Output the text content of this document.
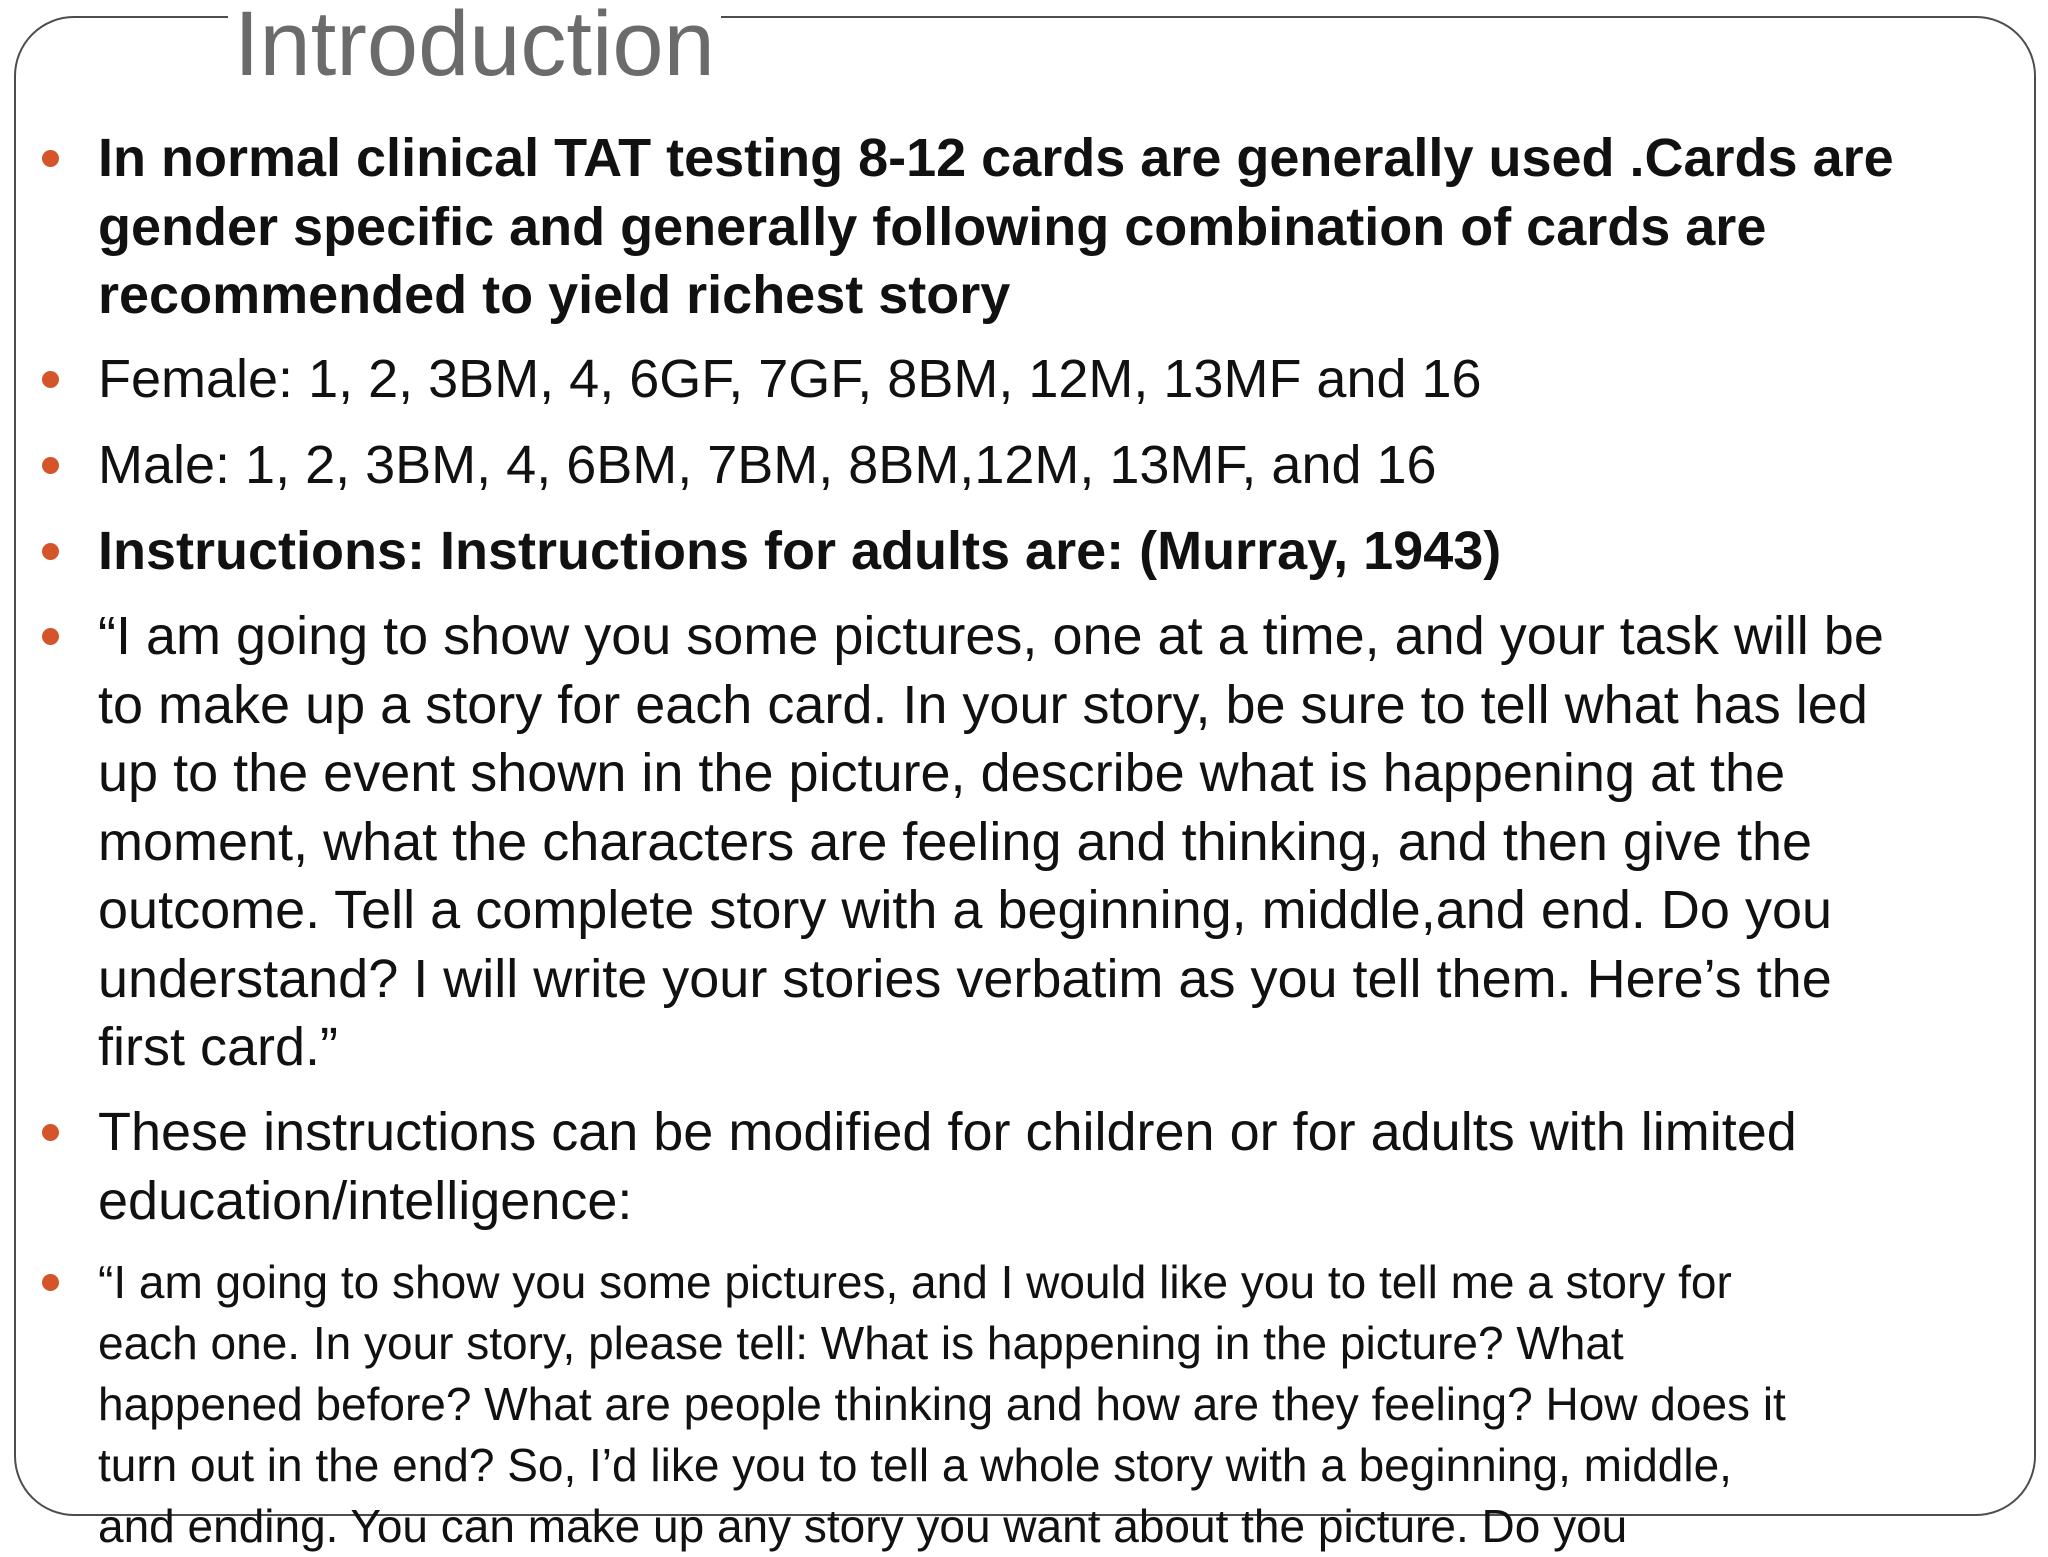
Introduction
In normal clinical TAT testing 8-12 cards are generally used .Cards are
gender specific and generally following combination of cards are
recommended to yield richest story
Female: 1, 2, 3BM, 4, 6GF, 7GF, 8BM, 12M, 13MF and 16
Male: 1, 2, 3BM, 4, 6BM, 7BM, 8BM,12M, 13MF, and 16
Instructions: Instructions for adults are: (Murray, 1943)
“I am going to show you some pictures, one at a time, and your task will be
to make up a story for each card. In your story, be sure to tell what has led
up to the event shown in the picture, describe what is happening at the
moment, what the characters are feeling and thinking, and then give the
outcome. Tell a complete story with a beginning, middle,and end. Do you
understand? I will write your stories verbatim as you tell them. Here’s the
first card.”
These instructions can be modified for children or for adults with limited
education/intelligence:
“I am going to show you some pictures, and I would like you to tell me a story for
each one. In your story, please tell: What is happening in the picture? What
happened before? What are people thinking and how are they feeling? How does it
turn out in the end? So, I’d like you to tell a whole story with a beginning, middle,
and ending. You can make up any story you want about the picture. Do you
